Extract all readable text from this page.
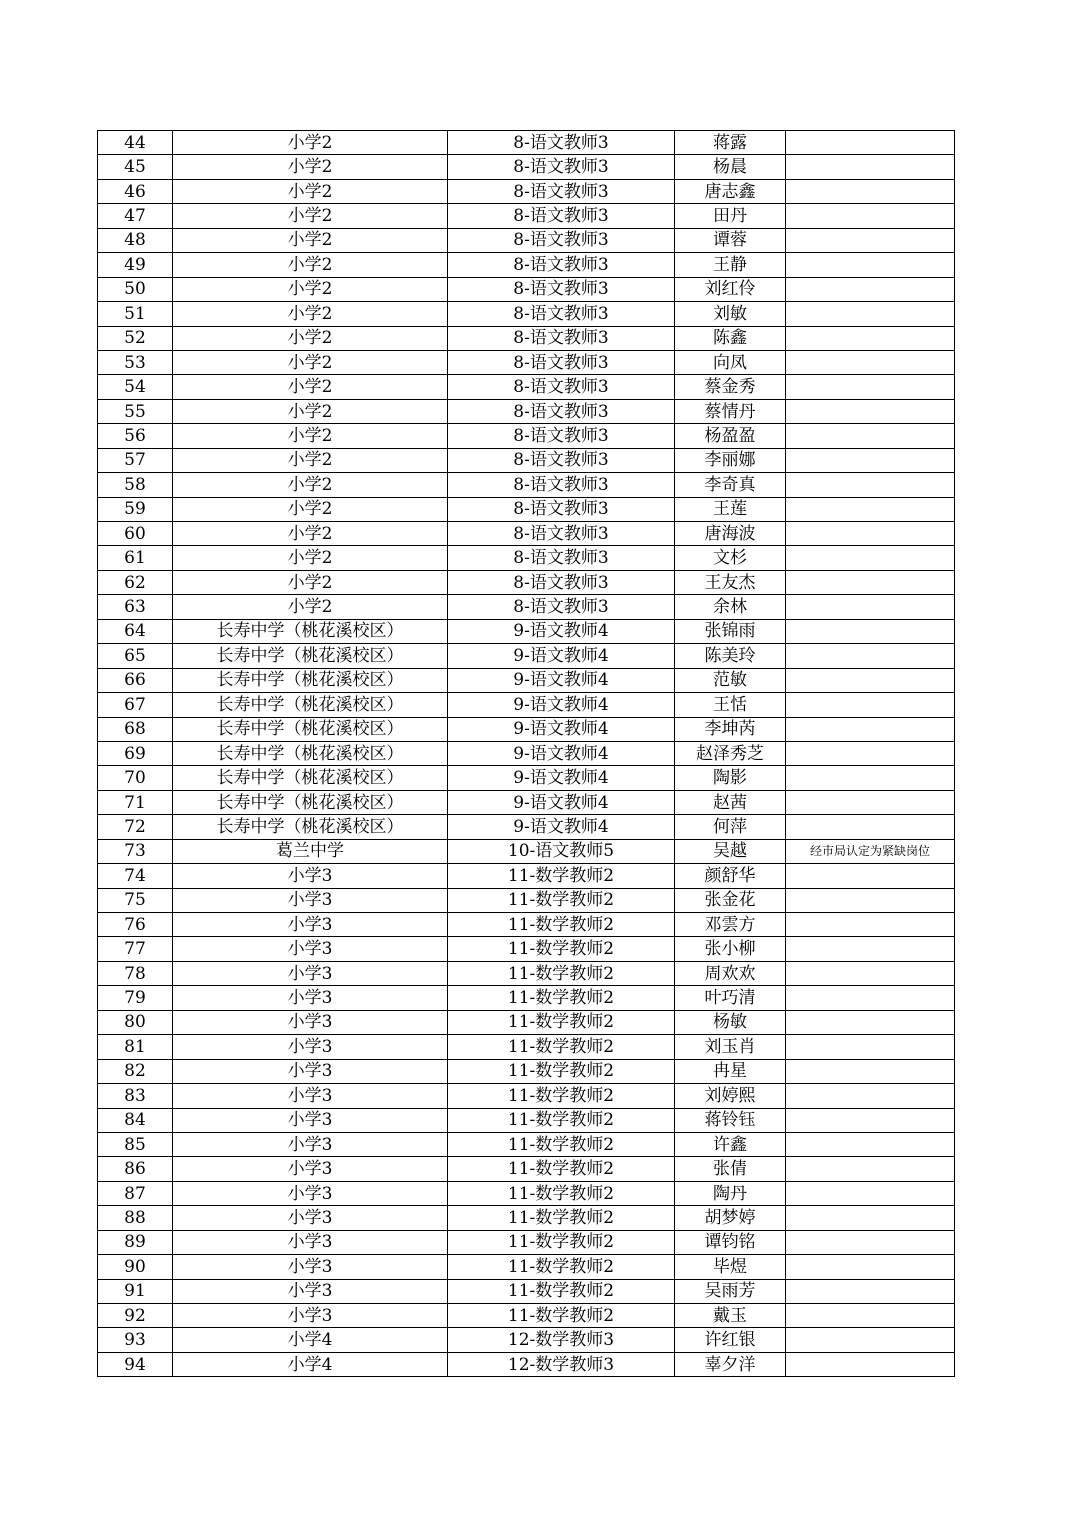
44	小学2	8-语文教师3	蒋露	
45	小学2	8-语文教师3	杨晨	
46	小学2	8-语文教师3	唐志鑫	
47	小学2	8-语文教师3	田丹	
48	小学2	8-语文教师3	谭蓉	
49	小学2	8-语文教师3	王静	
50	小学2	8-语文教师3	刘红伶	
51	小学2	8-语文教师3	刘敏	
52	小学2	8-语文教师3	陈鑫	
53	小学2	8-语文教师3	向凤	
54	小学2	8-语文教师3	蔡金秀	
55	小学2	8-语文教师3	蔡情丹	
56	小学2	8-语文教师3	杨盈盈	
57	小学2	8-语文教师3	李丽娜	
58	小学2	8-语文教师3	李奇真	
59	小学2	8-语文教师3	王莲	
60	小学2	8-语文教师3	唐海波	
61	小学2	8-语文教师3	文杉	
62	小学2	8-语文教师3	王友杰	
63	小学2	8-语文教师3	余林	
64	长寿中学（桃花溪校区）	9-语文教师4	张锦雨	
65	长寿中学（桃花溪校区）	9-语文教师4	陈美玲	
66	长寿中学（桃花溪校区）	9-语文教师4	范敏	
67	长寿中学（桃花溪校区）	9-语文教师4	王恬	
68	长寿中学（桃花溪校区）	9-语文教师4	李坤芮	
69	长寿中学（桃花溪校区）	9-语文教师4	赵泽秀芝	
70	长寿中学（桃花溪校区）	9-语文教师4	陶影	
71	长寿中学（桃花溪校区）	9-语文教师4	赵茜	
72	长寿中学（桃花溪校区）	9-语文教师4	何萍	
73	葛兰中学	10-语文教师5	吴越	经市局认定为紧缺岗位
74	小学3	11-数学教师2	颜舒华	
75	小学3	11-数学教师2	张金花	
76	小学3	11-数学教师2	邓雲方	
77	小学3	11-数学教师2	张小柳	
78	小学3	11-数学教师2	周欢欢	
79	小学3	11-数学教师2	叶巧清	
80	小学3	11-数学教师2	杨敏	
81	小学3	11-数学教师2	刘玉肖	
82	小学3	11-数学教师2	冉星	
83	小学3	11-数学教师2	刘婷熙	
84	小学3	11-数学教师2	蒋铃钰	
85	小学3	11-数学教师2	许鑫	
86	小学3	11-数学教师2	张倩	
87	小学3	11-数学教师2	陶丹	
88	小学3	11-数学教师2	胡梦婷	
89	小学3	11-数学教师2	谭钧铭	
90	小学3	11-数学教师2	毕煜	
91	小学3	11-数学教师2	吴雨芳	
92	小学3	11-数学教师2	戴玉	
93	小学4	12-数学教师3	许红银	
94	小学4	12-数学教师3	辜夕洋	
